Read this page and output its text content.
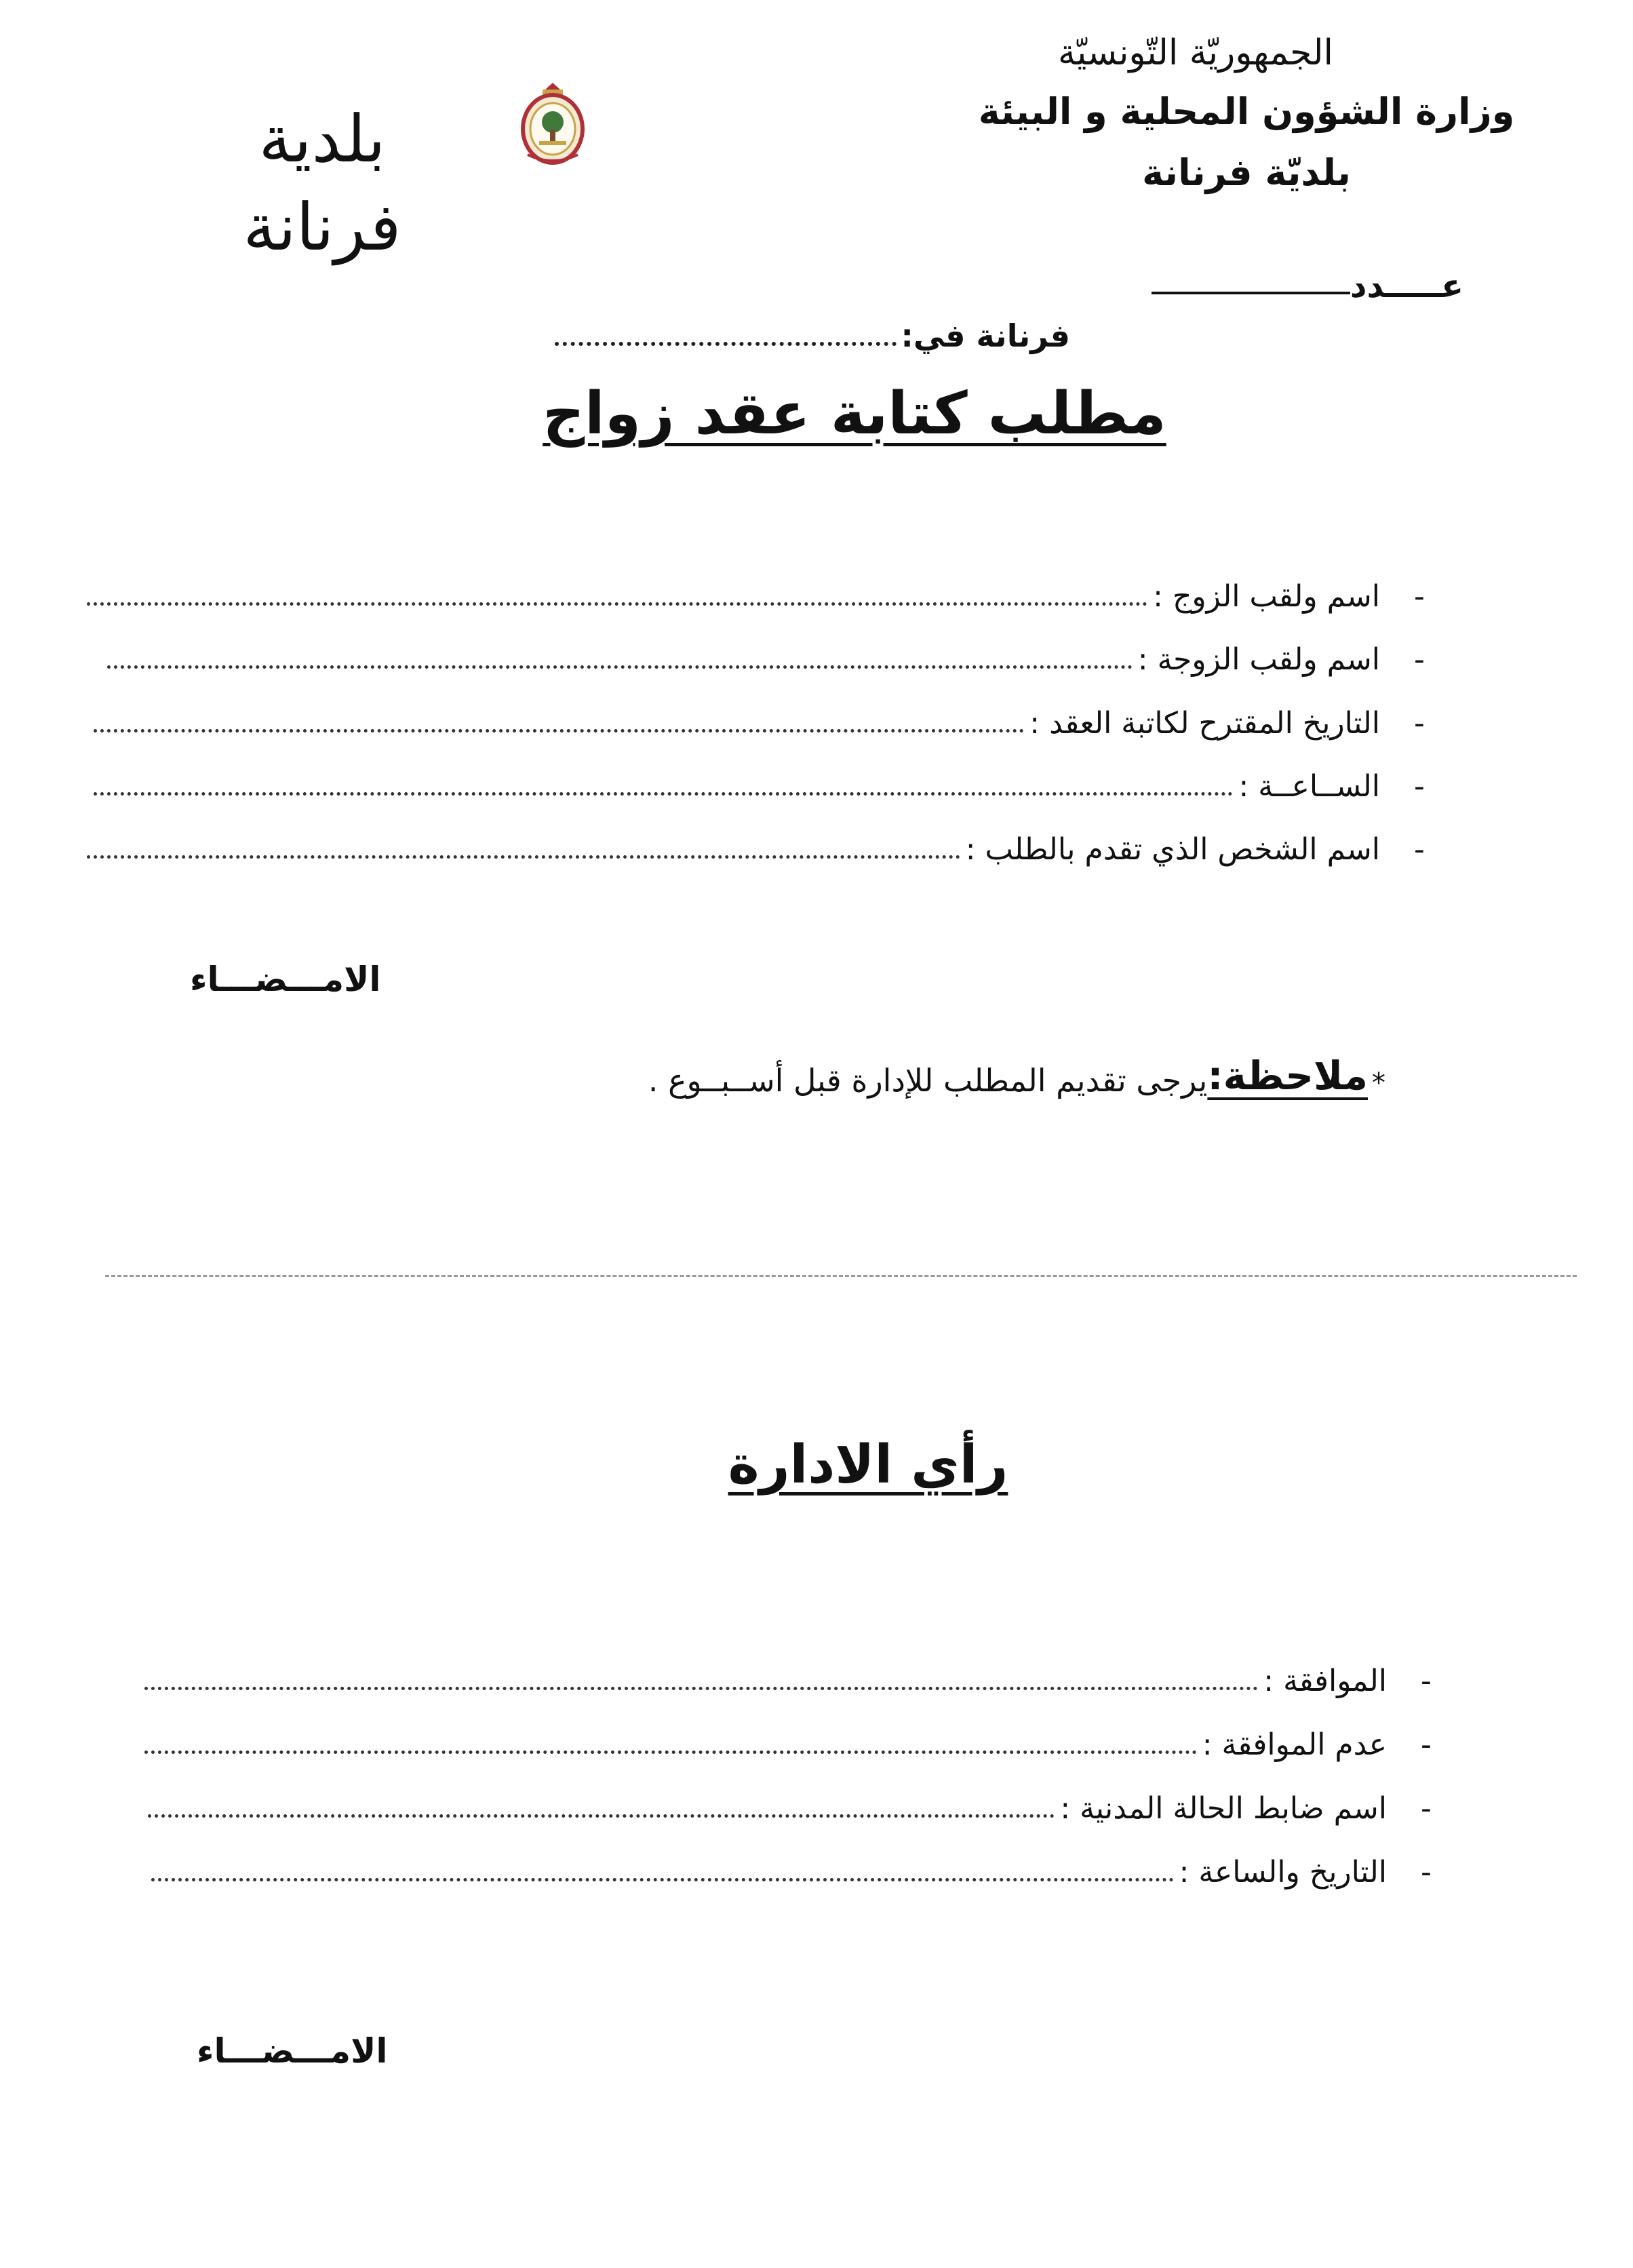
الجمهوريّة التّونسيّة
وزارة الشؤون المحلية و البيئة
بلديّة فرنانة
بلدية فرنانة
عـــــدد
فرنانة في:
مطلب كتابة عقد زواج
-
اسم ولقب الزوج :
-
اسم ولقب الزوجة :
-
التاريخ المقترح لكاتبة العقد :
-
الســاعــة :
-
اسم الشخص الذي تقدم بالطلب :
الامـــضـــاء
*
ملاحظة:
يرجى تقديم المطلب للإدارة قبل أســبــوع .
رأي الادارة
-
الموافقة :
-
عدم الموافقة :
-
اسم ضابط الحالة المدنية :
-
التاريخ والساعة :
الامـــضـــاء
